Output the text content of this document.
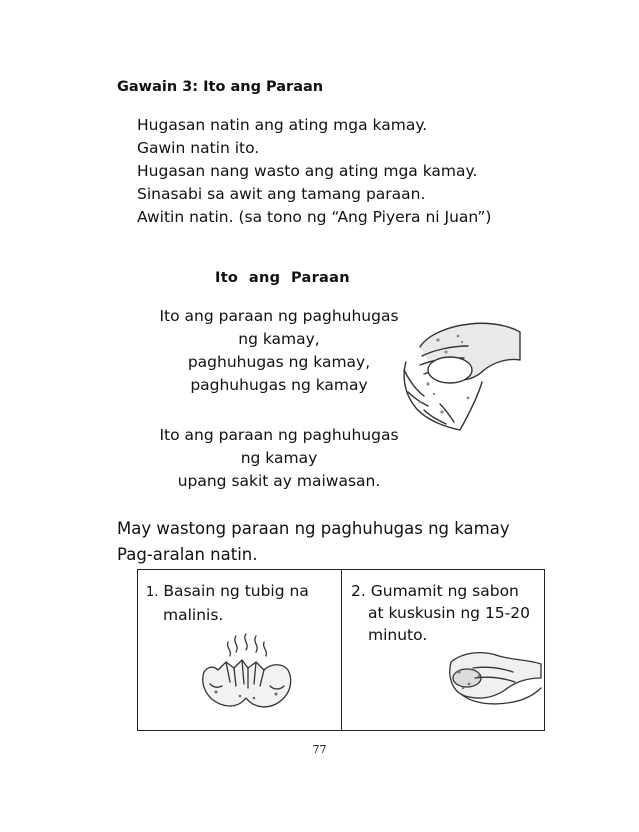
Gawain 3: Ito ang Paraan
Hugasan natin ang ating mga kamay.
Gawin natin ito.
Hugasan nang wasto ang ating mga kamay.
Sinasabi sa awit ang tamang paraan.
Awitin natin. (sa tono ng “Ang Piyera ni Juan”)
Ito  ang  Paraan
Ito ang paraan ng paghuhugas
ng kamay,
paghuhugas ng kamay,
paghuhugas ng kamay
Ito ang paraan ng paghuhugas
ng kamay
upang sakit ay maiwasan.
May wastong paraan ng paghuhugas ng kamay
Pag-aralan natin.
1. Basain ng tubig na
malinis.
2. Gumamit ng sabon
at kuskusin ng 15-20
minuto.
77
